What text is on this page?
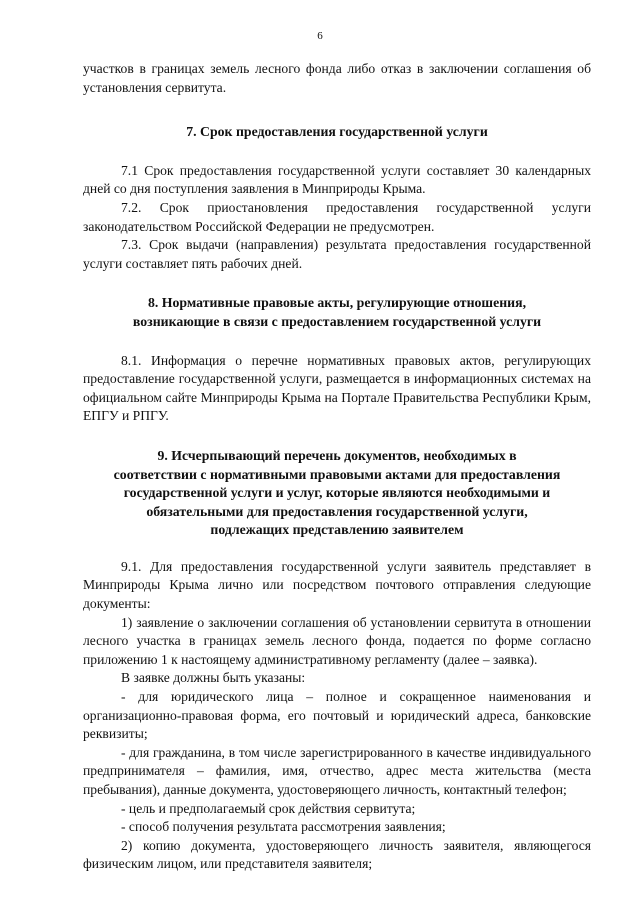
6

участков в границах земель лесного фонда либо отказ в заключении соглашения об установления сервитута.

7. Срок предоставления государственной услуги

7.1 Срок предоставления государственной услуги составляет 30 календарных дней со дня поступления заявления в Минприроды Крыма.

7.2. Срок приостановления предоставления государственной услуги законодательством Российской Федерации не предусмотрен.

7.3. Срок выдачи (направления) результата предоставления государственной услуги составляет пять рабочих дней.

8. Нормативные правовые акты, регулирующие отношения,
возникающие в связи с предоставлением государственной услуги

8.1. Информация о перечне нормативных правовых актов, регулирующих предоставление государственной услуги, размещается в информационных системах на официальном сайте Минприроды Крыма на Портале Правительства Республики Крым, ЕПГУ и РПГУ.

9. Исчерпывающий перечень документов, необходимых в
соответствии с нормативными правовыми актами для предоставления
государственной услуги и услуг, которые являются необходимыми и
обязательными для предоставления государственной услуги,
подлежащих представлению заявителем

9.1. Для предоставления государственной услуги заявитель представляет в Минприроды Крыма лично или посредством почтового отправления следующие документы:

1) заявление о заключении соглашения об установлении сервитута в отношении лесного участка в границах земель лесного фонда, подается по форме согласно приложению 1 к настоящему административному регламенту (далее – заявка).

В заявке должны быть указаны:

- для юридического лица – полное и сокращенное наименования и организационно-правовая форма, его почтовый и юридический адреса, банковские реквизиты;

- для гражданина, в том числе зарегистрированного в качестве индивидуального предпринимателя – фамилия, имя, отчество, адрес места жительства (места пребывания), данные документа, удостоверяющего личность, контактный телефон;

- цель и предполагаемый срок действия сервитута;

- способ получения результата рассмотрения заявления;

2) копию документа, удостоверяющего личность заявителя, являющегося физическим лицом, или представителя заявителя;
